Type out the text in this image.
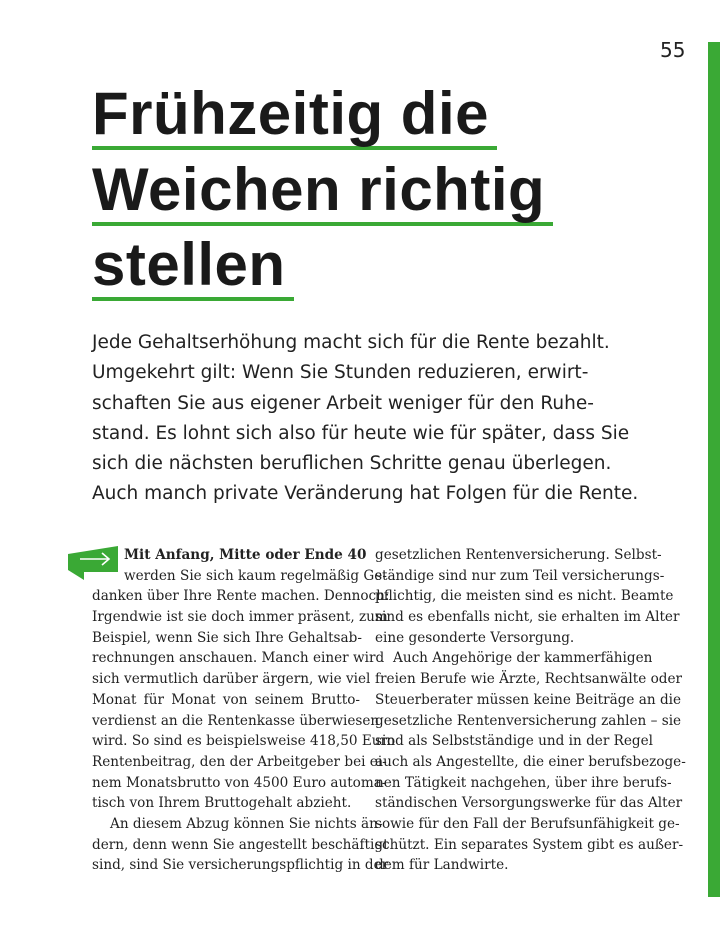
55
Frühzeitig die
Weichen richtig
stellen
Jede Gehaltserhöhung macht sich für die Rente bezahlt.
Umgekehrt gilt: Wenn Sie Stunden reduzieren, erwirt-
schaften Sie aus eigener Arbeit weniger für den Ruhe-
stand. Es lohnt sich also für heute wie für später, dass Sie
sich die nächsten beruflichen Schritte genau überlegen.
Auch manch private Veränderung hat Folgen für die Rente.
Mit Anfang, Mitte oder Ende 40
werden Sie sich kaum regelmäßig Ge-
danken über Ihre Rente machen. Dennoch:
Irgendwie ist sie doch immer präsent, zum
Beispiel, wenn Sie sich Ihre Gehaltsab-
rechnungen anschauen. Manch einer wird
sich vermutlich darüber ärgern, wie viel
Monat für Monat von seinem Brutto-
verdienst an die Rentenkasse überwiesen
wird. So sind es beispielsweise 418,50 Euro
Rentenbeitrag, den der Arbeitgeber bei ei-
nem Monatsbrutto von 4500 Euro automa-
tisch von Ihrem Bruttogehalt abzieht.
An diesem Abzug können Sie nichts än-
dern, denn wenn Sie angestellt beschäftigt
sind, sind Sie versicherungspflichtig in der
gesetzlichen Rentenversicherung. Selbst-
ständige sind nur zum Teil versicherungs-
pflichtig, die meisten sind es nicht. Beamte
sind es ebenfalls nicht, sie erhalten im Alter
eine gesonderte Versorgung.
Auch Angehörige der kammerfähigen
freien Berufe wie Ärzte, Rechtsanwälte oder
Steuerberater müssen keine Beiträge an die
gesetzliche Rentenversicherung zahlen – sie
sind als Selbstständige und in der Regel
auch als Angestellte, die einer berufsbezoge-
nen Tätigkeit nachgehen, über ihre berufs-
ständischen Versorgungswerke für das Alter
sowie für den Fall der Berufsunfähigkeit ge-
schützt. Ein separates System gibt es außer-
dem für Landwirte.
